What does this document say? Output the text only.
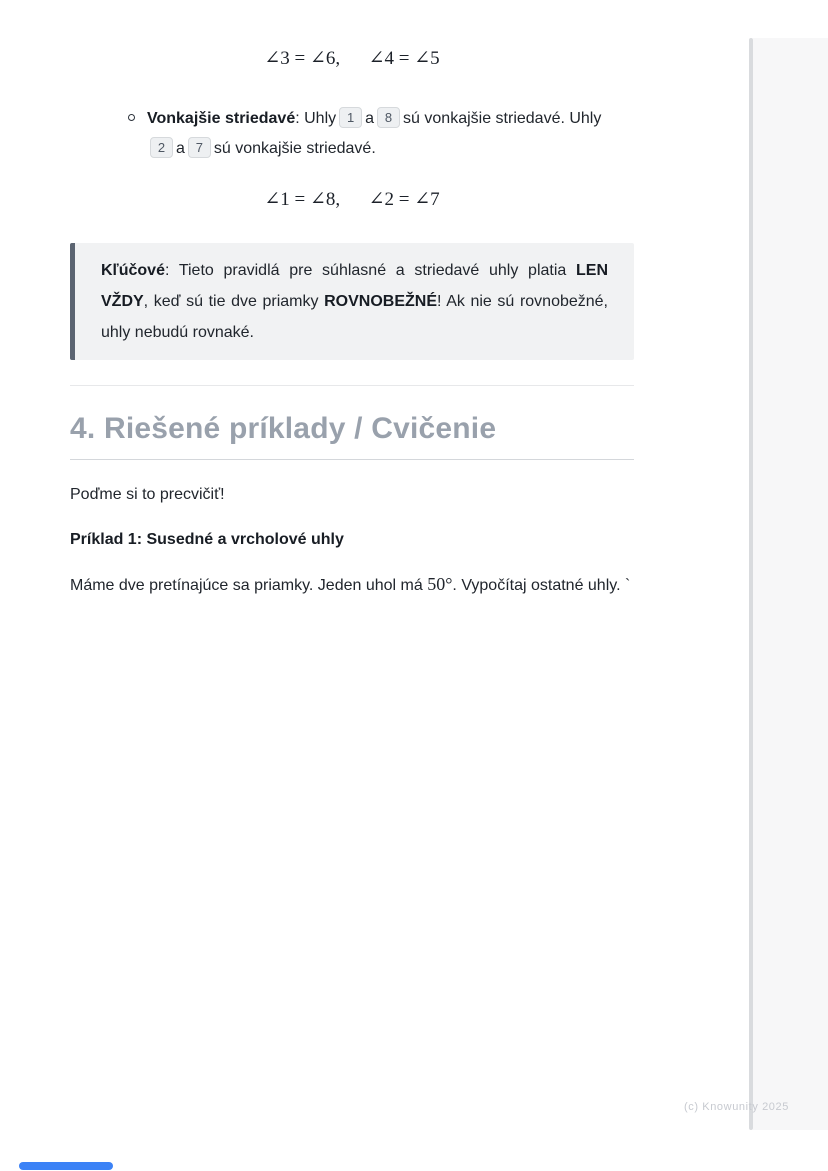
∠3 = ∠6,  ∠4 = ∠5
Vonkajšie striedavé: Uhly 1 a 8 sú vonkajšie striedavé. Uhly 2 a 7 sú vonkajšie striedavé.
∠1 = ∠8,  ∠2 = ∠7
Kľúčové: Tieto pravidlá pre súhlasné a striedavé uhly platia LEN VŽDY, keď sú tie dve priamky ROVNOBEŽNÉ! Ak nie sú rovnobežné, uhly nebudú rovnaké.
4. Riešené príklady / Cvičenie

Poďme si to precvičiť!

Príklad 1: Susedné a vrcholové uhly

Máme dve pretínajúce sa priamky. Jeden uhol má 50°. Vypočítaj ostatné uhly. `

(c) Knowunity 2025
